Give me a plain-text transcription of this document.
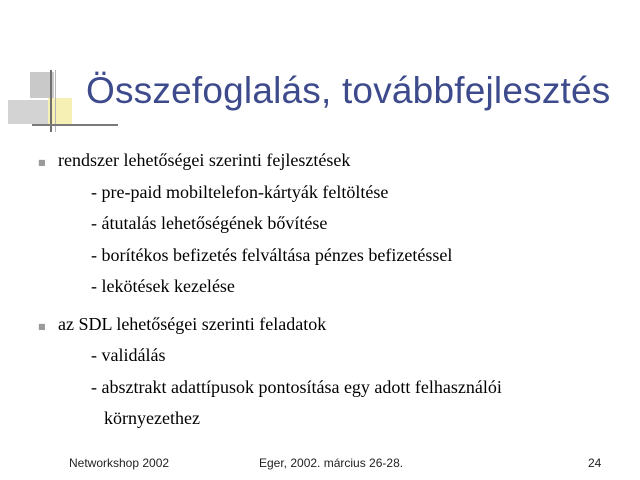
Összefoglalás, továbbfejlesztés
■ rendszer lehetőségei szerinti fejlesztések
- pre-paid mobiltelefon-kártyák feltöltése
- átutalás lehetőségének bővítése
- borítékos befizetés felváltása pénzes befizetéssel
- lekötések kezelése
■ az SDL lehetőségei szerinti feladatok
- validálás
- absztrakt adattípusok pontosítása egy adott felhasználói
környezethez
Networkshop 2002	Eger, 2002. március 26-28.	24
